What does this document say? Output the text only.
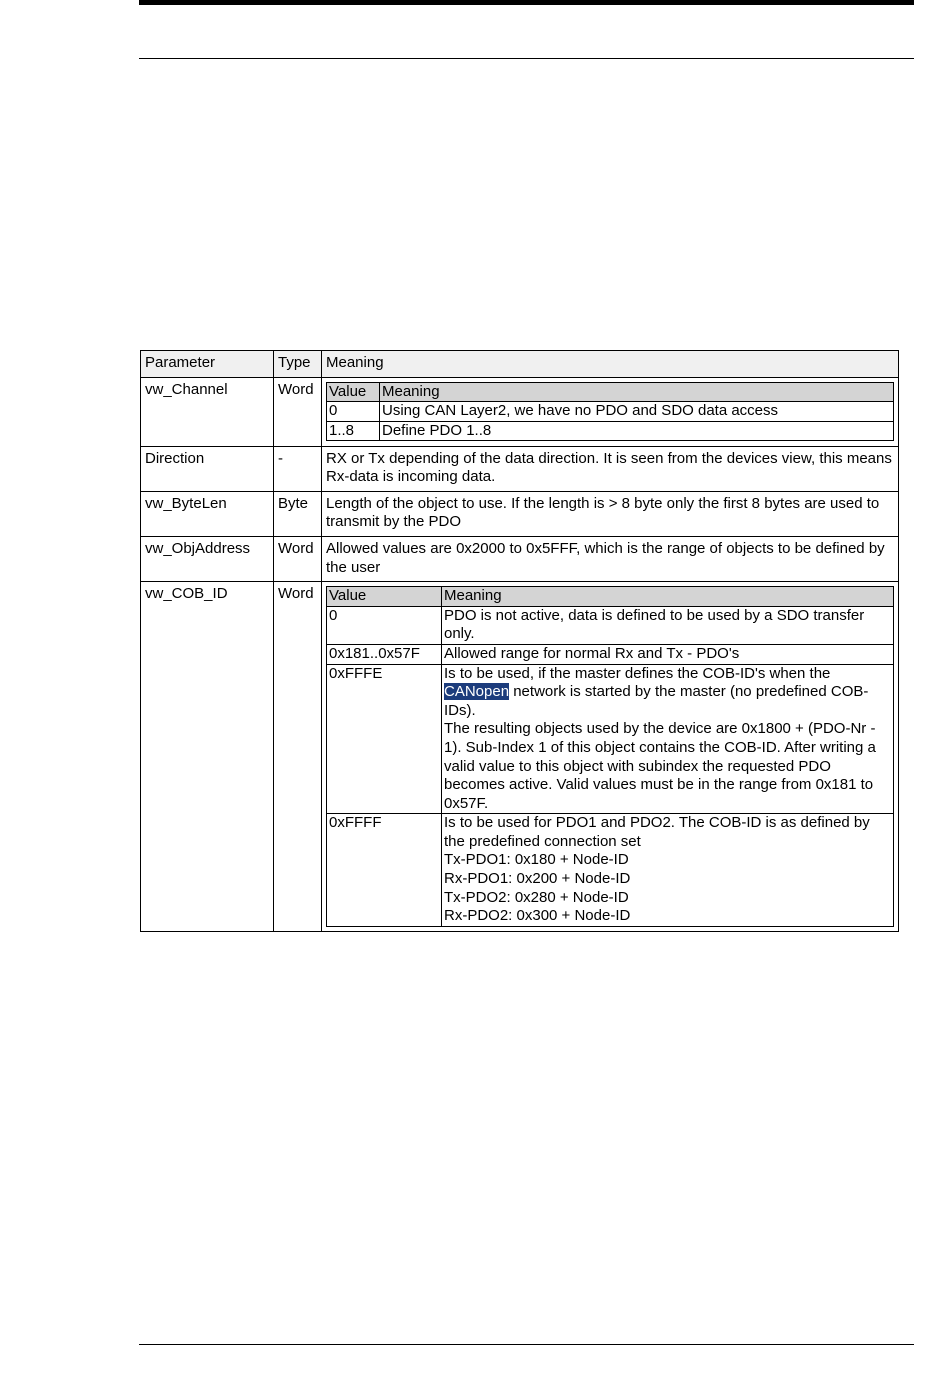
Parameter	Type	Meaning
vw_Channel	Word	Value	Meaning
0	Using CAN Layer2, we have no PDO and SDO data access
1..8	Define PDO 1..8

Direction	-	RX or Tx depending of the data direction. It is seen from the devices view, this means Rx-data is incoming data.
vw_ByteLen	Byte	Length of the object to use. If the length is > 8 byte only the first 8 bytes are used to transmit by the PDO
vw_ObjAddress	Word	Allowed values are 0x2000 to 0x5FFF, which is the range of objects to be defined by the user
vw_COB_ID	Word	Value	Meaning
0	PDO is not active, data is defined to be used by a SDO transfer only.
0x181..0x57F	Allowed range for normal Rx and Tx - PDO's
0xFFFE	Is to be used, if the master defines the COB-ID's when the CANopen network is started by the master (no predefined COB-IDs).
The resulting objects used by the device are 0x1800 + (PDO-Nr - 1). Sub-Index 1 of this object contains the COB-ID. After writing a valid value to this object with subindex the requested PDO becomes active. Valid values must be in the range from 0x181 to 0x57F.

0xFFFF	Is to be used for PDO1 and PDO2. The COB-ID is as defined by the predefined connection set
Tx-PDO1: 0x180 + Node-ID
Rx-PDO1: 0x200 + Node-ID
Tx-PDO2: 0x280 + Node-ID
Rx-PDO2: 0x300 + Node-ID
